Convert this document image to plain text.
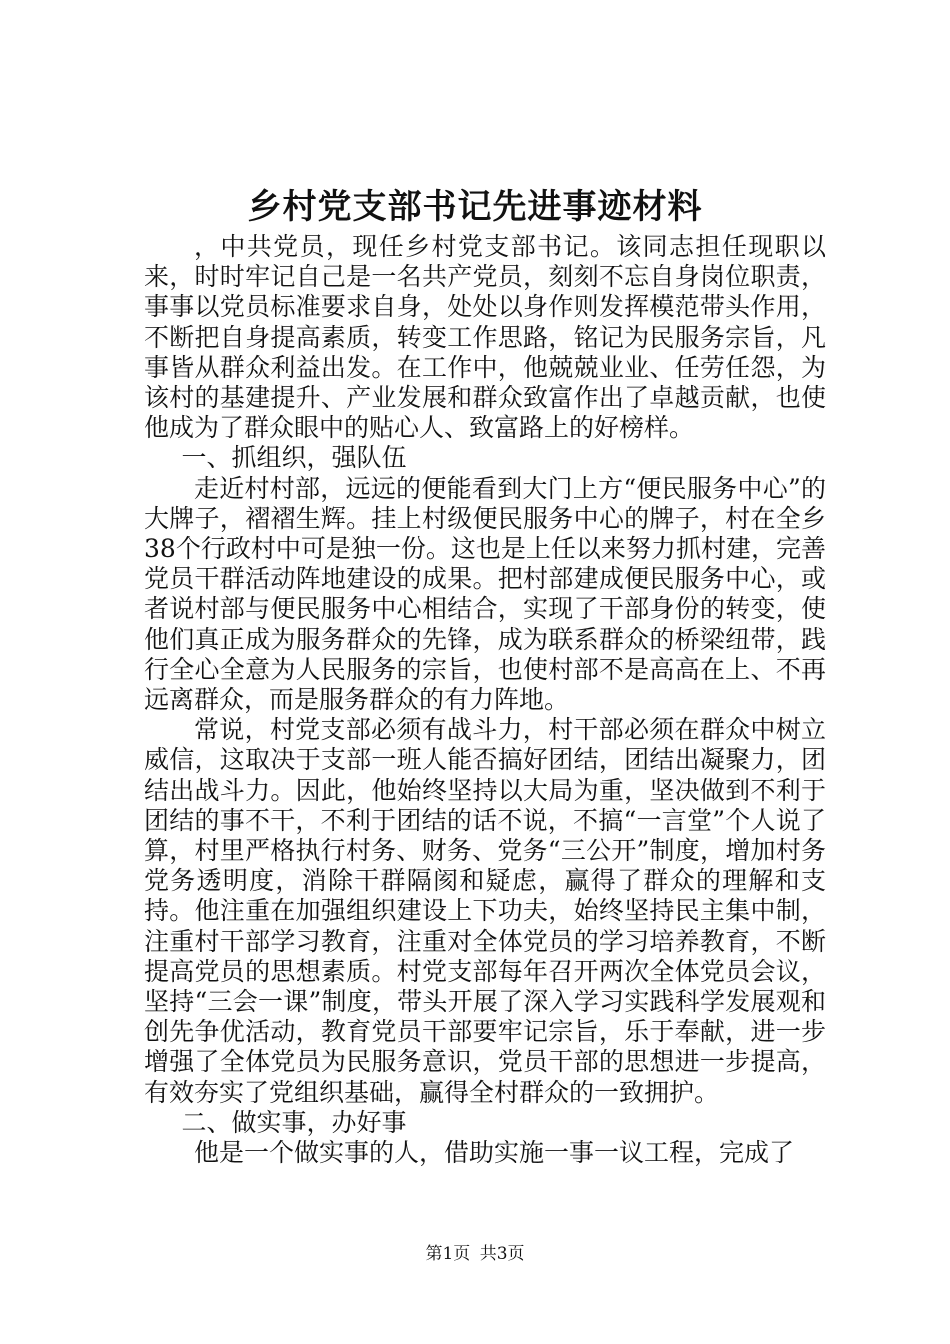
乡村党支部书记先进事迹材料

，中共党员，现任乡村党支部书记。该同志担任现职以来，时时牢记自己是一名共产党员，刻刻不忘自身岗位职责，事事以党员标准要求自身，处处以身作则发挥模范带头作用，不断把自身提高素质，转变工作思路，铭记为民服务宗旨，凡事皆从群众利益出发。在工作中，他兢兢业业、任劳任怨，为该村的基建提升、产业发展和群众致富作出了卓越贡献，也使他成为了群众眼中的贴心人、致富路上的好榜样。

一、抓组织，强队伍

走近村村部，远远的便能看到大门上方“便民服务中心”的大牌子，褶褶生辉。挂上村级便民服务中心的牌子，村在全乡38个行政村中可是独一份。这也是上任以来努力抓村建，完善党员干群活动阵地建设的成果。把村部建成便民服务中心，或者说村部与便民服务中心相结合，实现了干部身份的转变，使他们真正成为服务群众的先锋，成为联系群众的桥梁纽带，践行全心全意为人民服务的宗旨，也使村部不是高高在上、不再远离群众，而是服务群众的有力阵地。

常说，村党支部必须有战斗力，村干部必须在群众中树立威信，这取决于支部一班人能否搞好团结，团结出凝聚力，团结出战斗力。因此，他始终坚持以大局为重，坚决做到不利于团结的事不干，不利于团结的话不说，不搞“一言堂”个人说了算，村里严格执行村务、财务、党务“三公开”制度，增加村务党务透明度，消除干群隔阂和疑虑，赢得了群众的理解和支持。他注重在加强组织建设上下功夫，始终坚持民主集中制，注重村干部学习教育，注重对全体党员的学习培养教育，不断提高党员的思想素质。村党支部每年召开两次全体党员会议，坚持“三会一课”制度，带头开展了深入学习实践科学发展观和创先争优活动，教育党员干部要牢记宗旨，乐于奉献，进一步增强了全体党员为民服务意识，党员干部的思想进一步提高，有效夯实了党组织基础，赢得全村群众的一致拥护。

二、做实事，办好事

他是一个做实事的人，借助实施一事一议工程，完成了

第1页 共3页
